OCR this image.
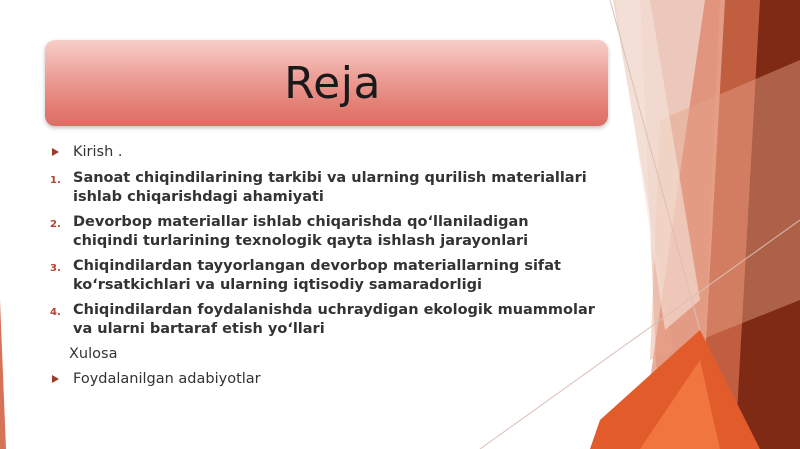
Reja
Kirish .
1. Sanoat chiqindilarining tarkibi va ularning qurilish materiallari ishlab chiqarishdagi ahamiyati
2. Devorbop materiallar ishlab chiqarishda qo‘llaniladigan chiqindi turlarining texnologik qayta ishlash jarayonlari
3. Chiqindilardan tayyorlangan devorbop materiallarning sifat ko‘rsatkichlari va ularning iqtisodiy samaradorligi
4. Chiqindilardan foydalanishda uchraydigan ekologik muammolar va ularni bartaraf etish yo‘llari
Xulosa
Foydalanilgan adabiyotlar
